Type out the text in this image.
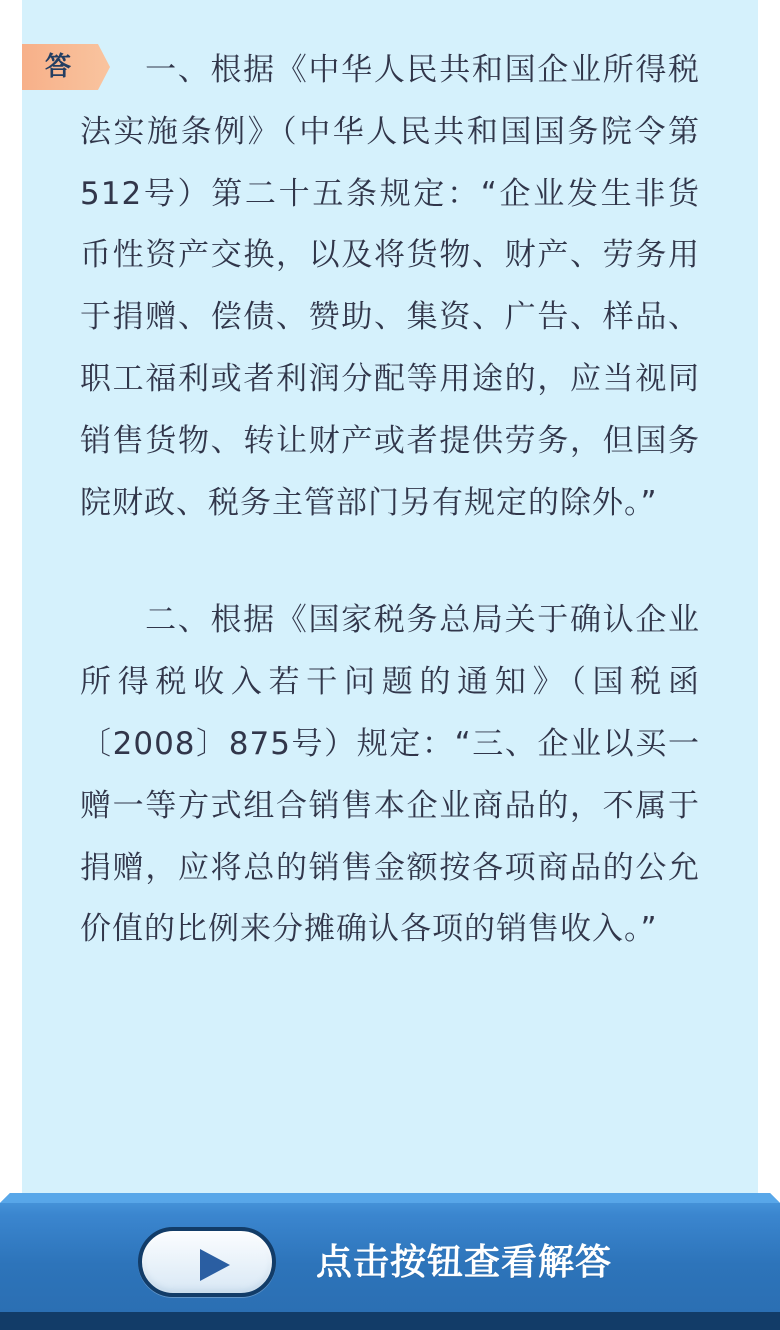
答	一、根据《中华人民共和国企业所得税法实施条例》（中华人民共和国国务院令第512号）第二十五条规定：“企业发生非货币性资产交换，以及将货物、财产、劳务用于捐赠、偿债、赞助、集资、广告、样品、职工福利或者利润分配等用途的，应当视同销售货物、转让财产或者提供劳务，但国务院财政、税务主管部门另有规定的除外。”

二、根据《国家税务总局关于确认企业所得税收入若干问题的通知》（国税函〔2008〕875号）规定：“三、企业以买一赠一等方式组合销售本企业商品的，不属于捐赠，应将总的销售金额按各项商品的公允价值的比例来分摊确认各项的销售收入。”

点击按钮查看解答
